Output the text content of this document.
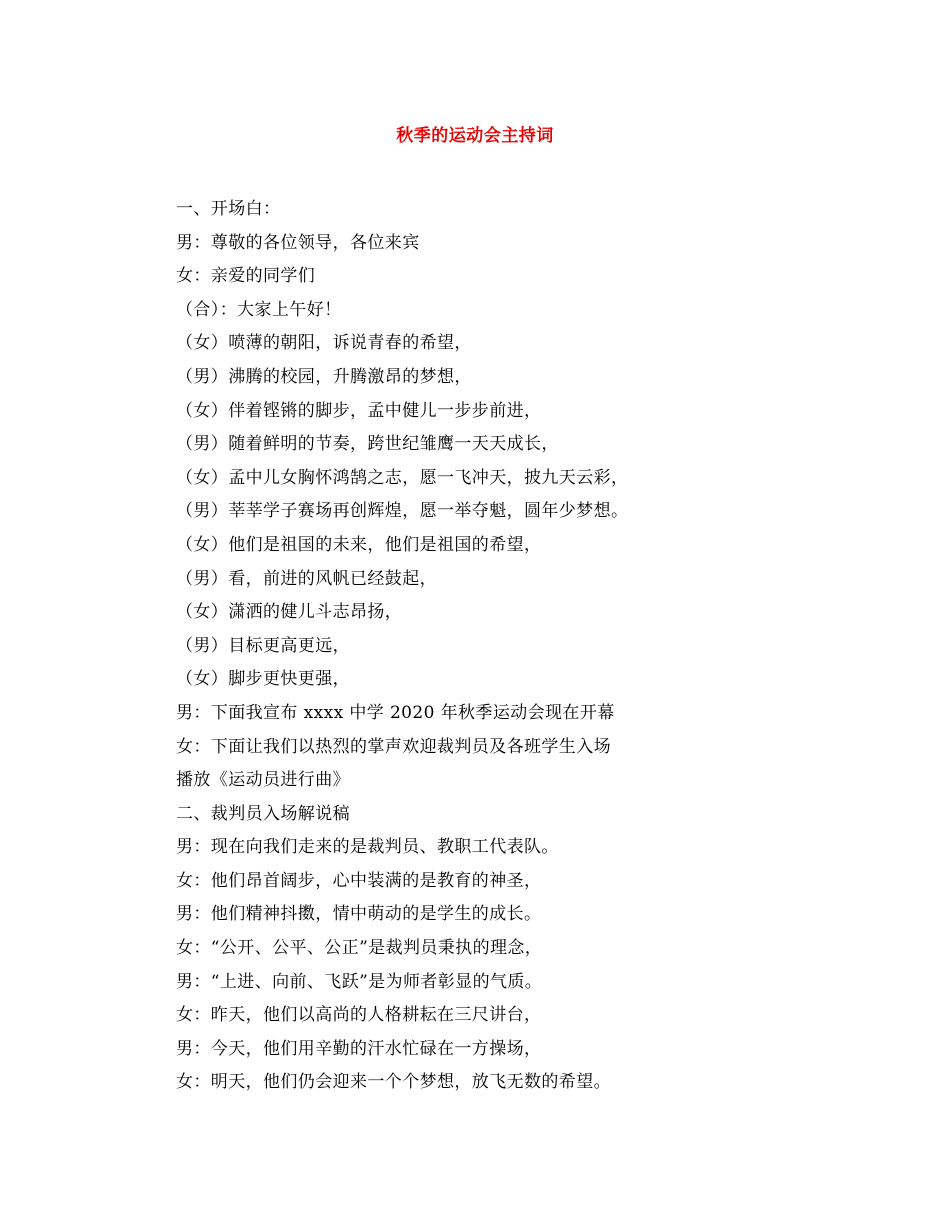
秋季的运动会主持词
一、开场白：
男：尊敬的各位领导，各位来宾
女：亲爱的同学们
（合）：大家上午好！
（女）喷薄的朝阳，诉说青春的希望，
（男）沸腾的校园，升腾激昂的梦想，
（女）伴着铿锵的脚步，孟中健儿一步步前进，
（男）随着鲜明的节奏，跨世纪雏鹰一天天成长，
（女）孟中儿女胸怀鸿鹄之志，愿一飞冲天，披九天云彩，
（男）莘莘学子赛场再创辉煌，愿一举夺魁，圆年少梦想。
（女）他们是祖国的未来，他们是祖国的希望，
（男）看，前进的风帆已经鼓起，
（女）潇洒的健儿斗志昂扬，
（男）目标更高更远，
（女）脚步更快更强，
男：下面我宣布 xxxx 中学 2020 年秋季运动会现在开幕
女：下面让我们以热烈的掌声欢迎裁判员及各班学生入场
播放《运动员进行曲》
二、裁判员入场解说稿
男：现在向我们走来的是裁判员、教职工代表队。
女：他们昂首阔步，心中装满的是教育的神圣，
男：他们精神抖擞，情中萌动的是学生的成长。
女：“公开、公平、公正”是裁判员秉执的理念，
男：“上进、向前、飞跃”是为师者彰显的气质。
女：昨天，他们以高尚的人格耕耘在三尺讲台，
男：今天，他们用辛勤的汗水忙碌在一方操场，
女：明天，他们仍会迎来一个个梦想，放飞无数的希望。
